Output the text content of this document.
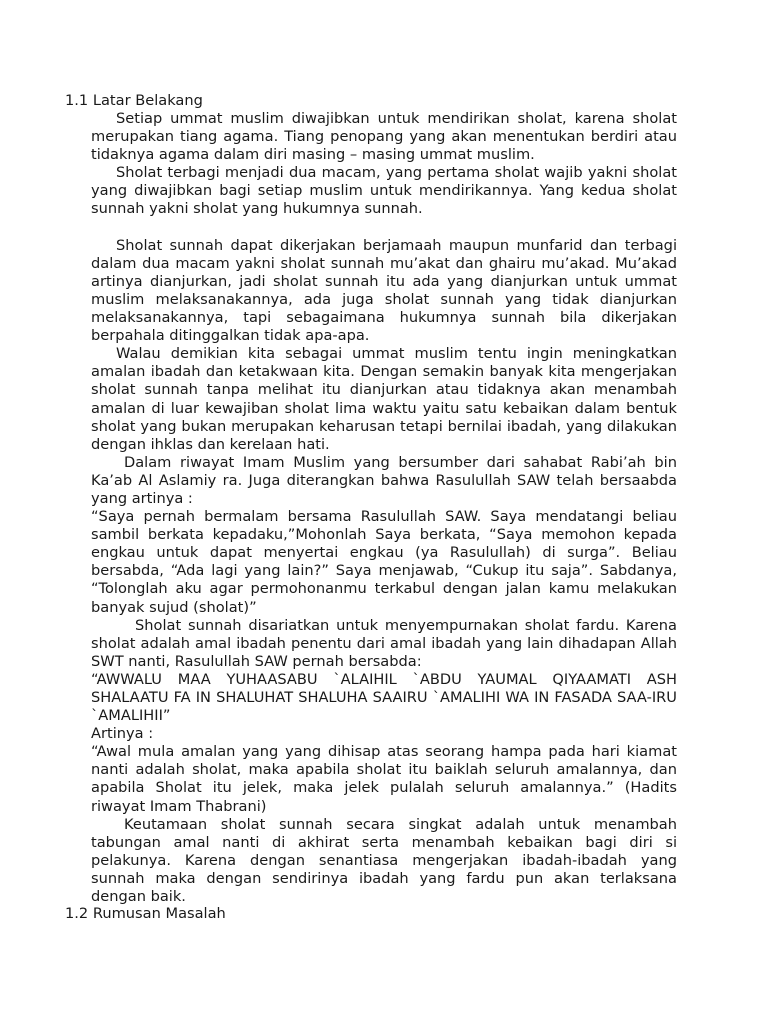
1.1 Latar Belakang

Setiap ummat muslim diwajibkan untuk mendirikan sholat, karena sholat merupakan tiang agama. Tiang penopang yang akan menentukan berdiri atau tidaknya agama dalam diri masing – masing ummat muslim.

Sholat terbagi menjadi dua macam, yang pertama sholat wajib yakni sholat yang diwajibkan bagi setiap muslim untuk mendirikannya. Yang kedua sholat sunnah yakni sholat yang hukumnya sunnah.

Sholat sunnah dapat dikerjakan berjamaah maupun munfarid dan terbagi dalam dua macam yakni sholat sunnah mu’akat dan ghairu mu’akad. Mu’akad artinya dianjurkan, jadi sholat sunnah itu ada yang dianjurkan untuk ummat muslim melaksanakannya, ada juga sholat sunnah yang tidak dianjurkan melaksanakannya, tapi sebagaimana hukumnya sunnah bila dikerjakan berpahala ditinggalkan tidak apa-apa.

Walau demikian kita sebagai ummat muslim tentu ingin meningkatkan amalan ibadah dan ketakwaan kita. Dengan semakin banyak kita mengerjakan sholat sunnah tanpa melihat itu dianjurkan atau tidaknya akan menambah amalan di luar kewajiban sholat lima waktu yaitu satu kebaikan dalam bentuk sholat yang bukan merupakan keharusan tetapi bernilai ibadah, yang dilakukan dengan ihklas dan kerelaan hati.

Dalam riwayat Imam Muslim yang bersumber dari sahabat Rabi’ah bin Ka’ab Al Aslamiy ra. Juga diterangkan bahwa Rasulullah SAW telah bersaabda yang artinya :

“Saya pernah bermalam bersama Rasulullah SAW. Saya mendatangi beliau sambil berkata kepadaku,”Mohonlah Saya berkata, “Saya memohon kepada engkau untuk dapat menyertai engkau (ya Rasulullah) di surga”. Beliau bersabda, “Ada lagi yang lain?” Saya menjawab, “Cukup itu saja”. Sabdanya, “Tolonglah aku agar permohonanmu terkabul dengan jalan kamu melakukan banyak sujud (sholat)”

Sholat sunnah disariatkan untuk menyempurnakan sholat fardu. Karena sholat adalah amal ibadah penentu dari amal ibadah yang lain dihadapan Allah SWT nanti, Rasulullah SAW pernah bersabda:

“AWWALU MAA YUHAASABU `ALAIHIL `ABDU YAUMAL QIYAAMATI ASH SHALAATU FA IN SHALUHAT SHALUHA SAAIRU `AMALIHI WA IN FASADA SAA-IRU `AMALIHII”

Artinya :

“Awal mula amalan yang yang dihisap atas seorang hampa pada hari kiamat nanti adalah sholat, maka apabila sholat itu baiklah seluruh amalannya, dan apabila Sholat itu jelek, maka jelek pulalah seluruh amalannya.” (Hadits riwayat Imam Thabrani)

Keutamaan sholat sunnah secara singkat adalah untuk menambah tabungan amal nanti di akhirat serta menambah kebaikan bagi diri si pelakunya. Karena dengan senantiasa mengerjakan ibadah-ibadah yang sunnah maka dengan sendirinya ibadah yang fardu pun akan terlaksana dengan baik.

1.2 Rumusan Masalah
